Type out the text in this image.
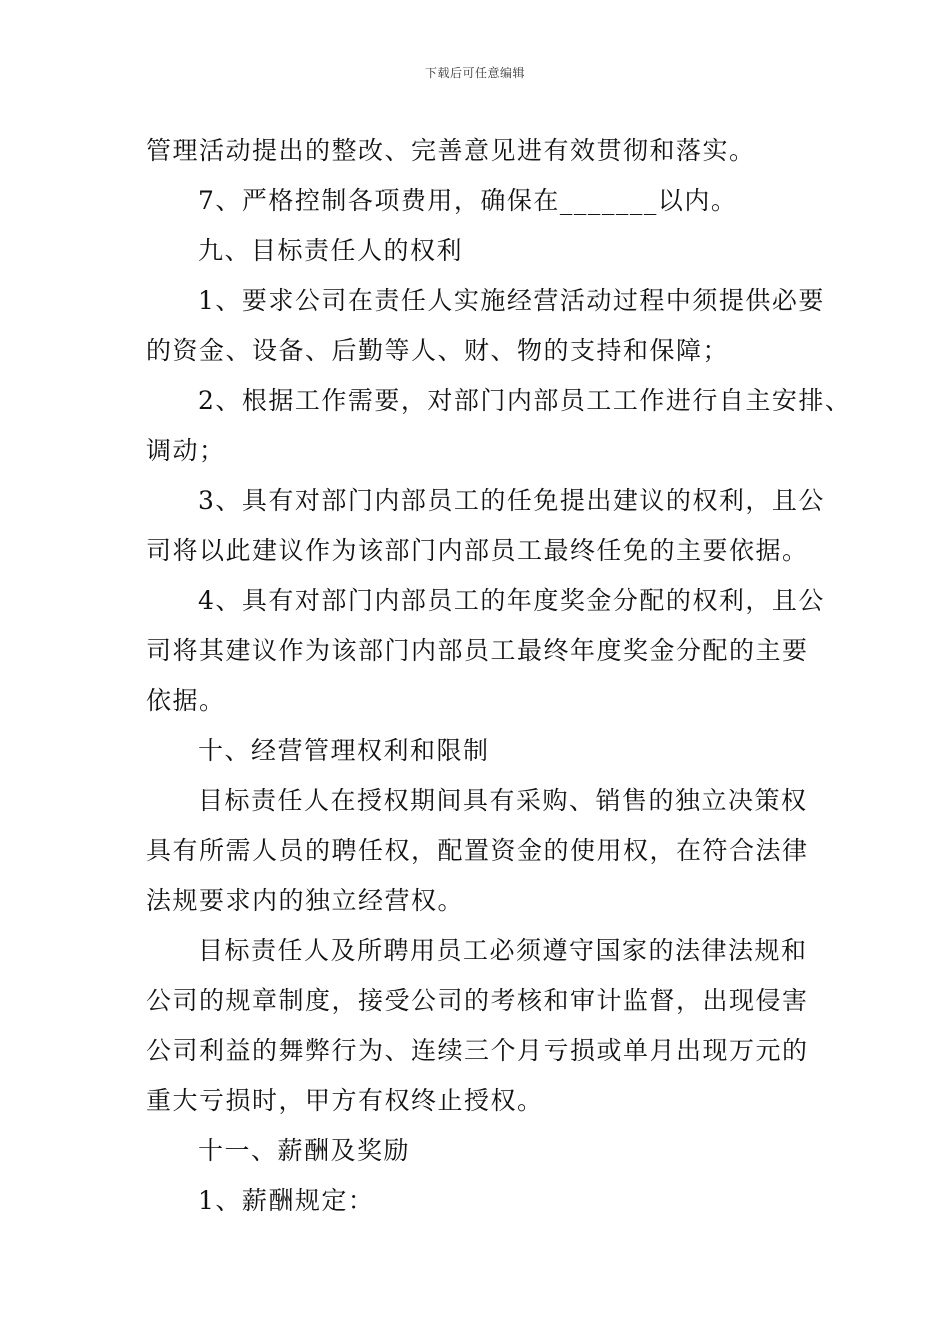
下载后可任意编辑
管理活动提出的整改、完善意见进有效贯彻和落实。
7、严格控制各项费用，确保在_______以内。
九、目标责任人的权利
1、要求公司在责任人实施经营活动过程中须提供必要
的资金、设备、后勤等人、财、物的支持和保障；
2、根据工作需要，对部门内部员工工作进行自主安排、
调动；
3、具有对部门内部员工的任免提出建议的权利，且公
司将以此建议作为该部门内部员工最终任免的主要依据。
4、具有对部门内部员工的年度奖金分配的权利，且公
司将其建议作为该部门内部员工最终年度奖金分配的主要
依据。
十、经营管理权利和限制
目标责任人在授权期间具有采购、销售的独立决策权
具有所需人员的聘任权，配置资金的使用权，在符合法律
法规要求内的独立经营权。
目标责任人及所聘用员工必须遵守国家的法律法规和
公司的规章制度，接受公司的考核和审计监督，出现侵害
公司利益的舞弊行为、连续三个月亏损或单月出现万元的
重大亏损时，甲方有权终止授权。
十一、薪酬及奖励
1、薪酬规定：
